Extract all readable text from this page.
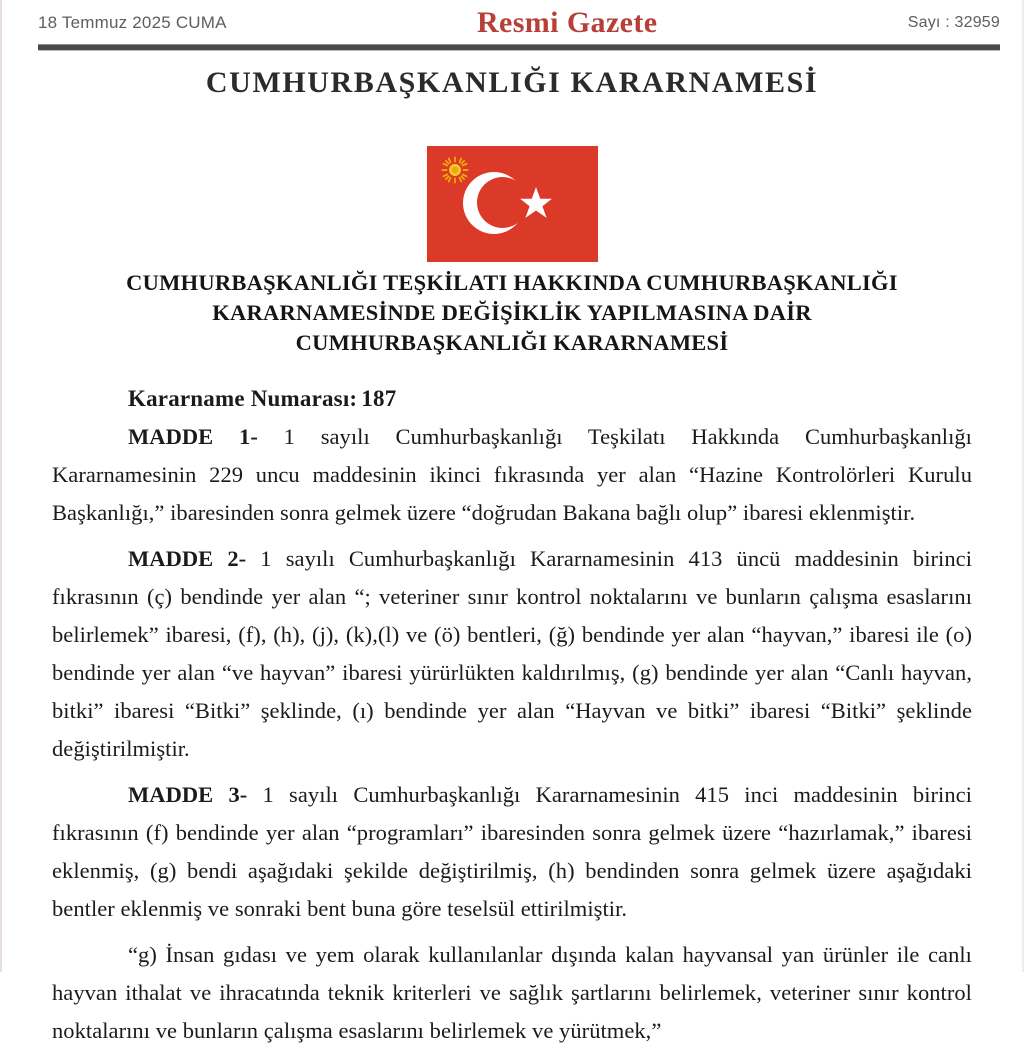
18 Temmuz 2025 CUMA	Resmi Gazete	Sayı : 32959
CUMHURBAŞKANLIĞI KARARNAMESİ
CUMHURBAŞKANLIĞI TEŞKİLATI HAKKINDA CUMHURBAŞKANLIĞI
KARARNAMESİNDE DEĞİŞİKLİK YAPILMASINA DAİR
CUMHURBAŞKANLIĞI KARARNAMESİ
Kararname Numarası: 187

MADDE 1- 1 sayılı Cumhurbaşkanlığı Teşkilatı Hakkında Cumhurbaşkanlığı Kararnamesinin 229 uncu maddesinin ikinci fıkrasında yer alan “Hazine Kontrolörleri Kurulu Başkanlığı,” ibaresinden sonra gelmek üzere “doğrudan Bakana bağlı olup” ibaresi eklenmiştir.

MADDE 2- 1 sayılı Cumhurbaşkanlığı Kararnamesinin 413 üncü maddesinin birinci fıkrasının (ç) bendinde yer alan “; veteriner sınır kontrol noktalarını ve bunların çalışma esaslarını belirlemek” ibaresi, (f), (h), (j), (k),(l) ve (ö) bentleri, (ğ) bendinde yer alan “hayvan,” ibaresi ile (o) bendinde yer alan “ve hayvan” ibaresi yürürlükten kaldırılmış, (g) bendinde yer alan “Canlı hayvan, bitki” ibaresi “Bitki” şeklinde, (ı) bendinde yer alan “Hayvan ve bitki” ibaresi “Bitki” şeklinde değiştirilmiştir.

MADDE 3- 1 sayılı Cumhurbaşkanlığı Kararnamesinin 415 inci maddesinin birinci fıkrasının (f) bendinde yer alan “programları” ibaresinden sonra gelmek üzere “hazırlamak,” ibaresi eklenmiş, (g) bendi aşağıdaki şekilde değiştirilmiş, (h) bendinden sonra gelmek üzere aşağıdaki bentler eklenmiş ve sonraki bent buna göre teselsül ettirilmiştir.

“g) İnsan gıdası ve yem olarak kullanılanlar dışında kalan hayvansal yan ürünler ile canlı hayvan ithalat ve ihracatında teknik kriterleri ve sağlık şartlarını belirlemek, veteriner sınır kontrol noktalarını ve bunların çalışma esaslarını belirlemek ve yürütmek,”
